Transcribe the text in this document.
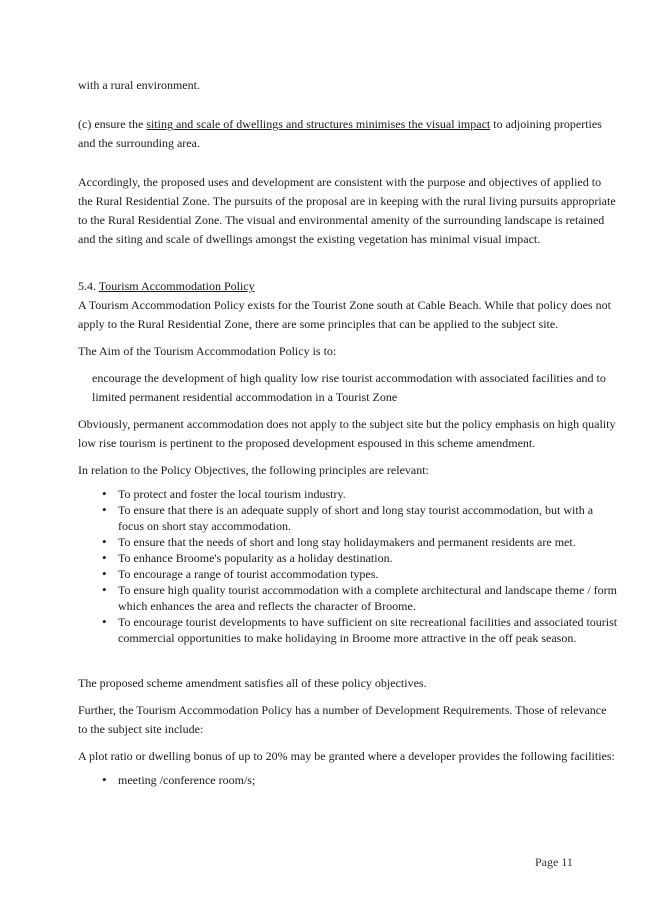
with a rural environment.

(c) ensure the siting and scale of dwellings and structures minimises the visual impact to adjoining properties and the surrounding area.

Accordingly, the proposed uses and development are consistent with the purpose and objectives of applied to the Rural Residential Zone. The pursuits of the proposal are in keeping with the rural living pursuits appropriate to the Rural Residential Zone. The visual and environmental amenity of the surrounding landscape is retained and the siting and scale of dwellings amongst the existing vegetation has minimal visual impact.

5.4. Tourism Accommodation Policy

A Tourism Accommodation Policy exists for the Tourist Zone south at Cable Beach. While that policy does not apply to the Rural Residential Zone, there are some principles that can be applied to the subject site.

The Aim of the Tourism Accommodation Policy is to:

encourage the development of high quality low rise tourist accommodation with associated facilities and to limited permanent residential accommodation in a Tourist Zone

Obviously, permanent accommodation does not apply to the subject site but the policy emphasis on high quality low rise tourism is pertinent to the proposed development espoused in this scheme amendment.

In relation to the Policy Objectives, the following principles are relevant:

• To protect and foster the local tourism industry.
• To ensure that there is an adequate supply of short and long stay tourist accommodation, but with a focus on short stay accommodation.
• To ensure that the needs of short and long stay holidaymakers and permanent residents are met.
• To enhance Broome's popularity as a holiday destination.
• To encourage a range of tourist accommodation types.
• To ensure high quality tourist accommodation with a complete architectural and landscape theme / form which enhances the area and reflects the character of Broome.
• To encourage tourist developments to have sufficient on site recreational facilities and associated tourist commercial opportunities to make holidaying in Broome more attractive in the off peak season.

The proposed scheme amendment satisfies all of these policy objectives.

Further, the Tourism Accommodation Policy has a number of Development Requirements. Those of relevance to the subject site include:

A plot ratio or dwelling bonus of up to 20% may be granted where a developer provides the following facilities:

• meeting /conference room/s;
Page 11
